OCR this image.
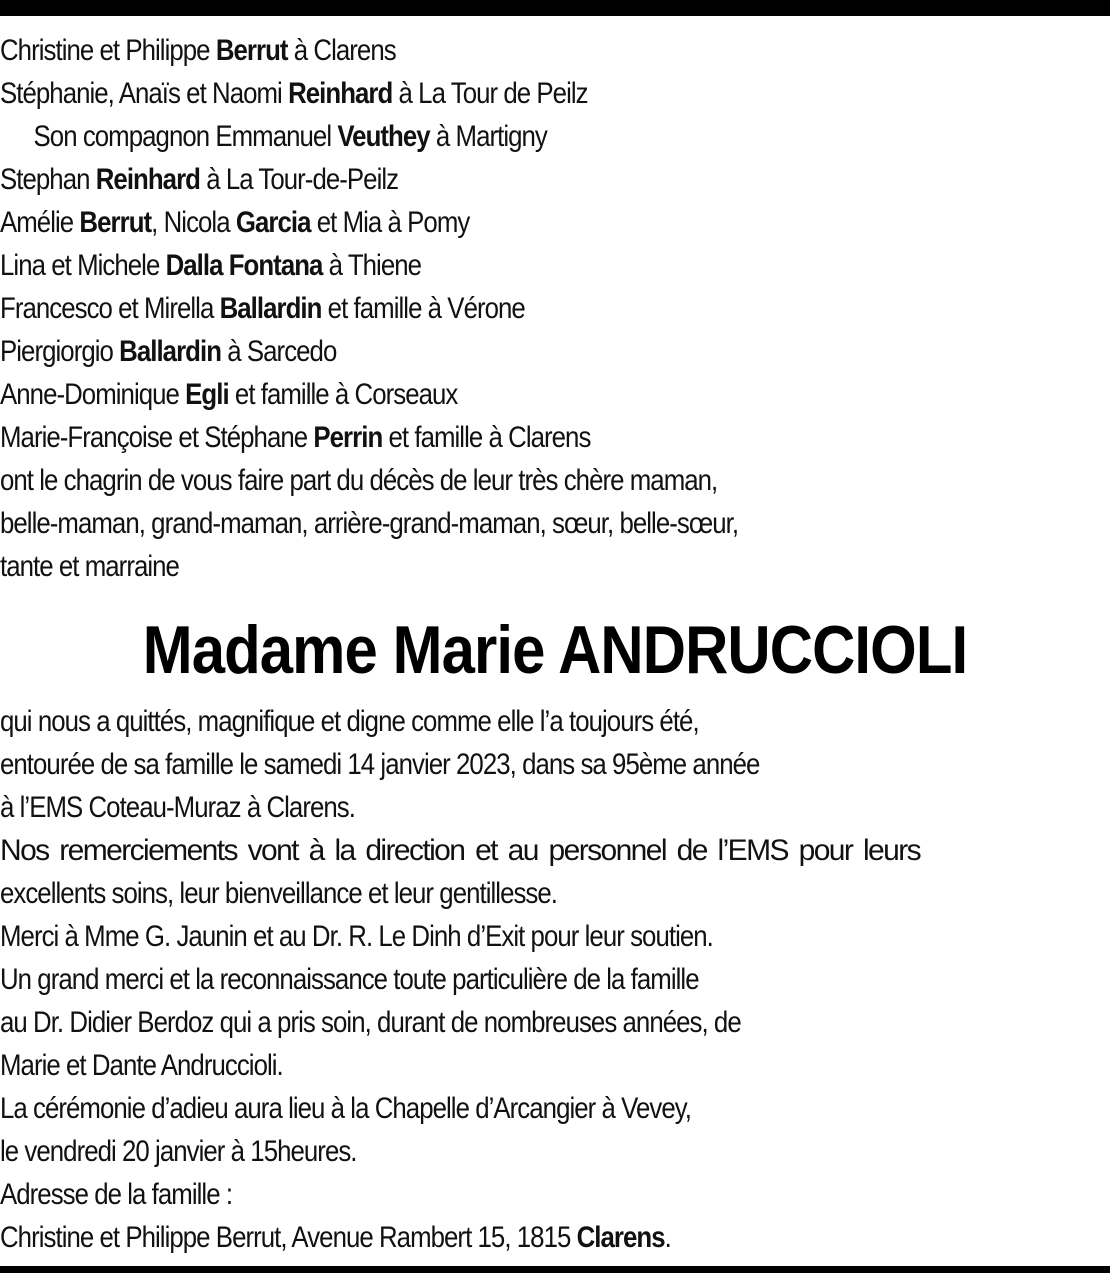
Christine et Philippe Berrut à Clarens
Stéphanie, Anaïs et Naomi Reinhard à La Tour de Peilz
Son compagnon Emmanuel Veuthey à Martigny
Stephan Reinhard à La Tour-de-Peilz
Amélie Berrut, Nicola Garcia et Mia à Pomy
Lina et Michele Dalla Fontana à Thiene
Francesco et Mirella Ballardin et famille à Vérone
Piergiorgio Ballardin à Sarcedo
Anne-Dominique Egli et famille à Corseaux
Marie-Françoise et Stéphane Perrin et famille à Clarens
ont le chagrin de vous faire part du décès de leur très chère maman,
belle-maman, grand-maman, arrière-grand-maman, sœur, belle-sœur,
tante et marraine
Madame Marie ANDRUCCIOLI
qui nous a quittés, magnifique et digne comme elle l’a toujours été,
entourée de sa famille le samedi 14 janvier 2023, dans sa 95ème année
à l’EMS Coteau-Muraz à Clarens.
Nos remerciements vont à la direction et au personnel de l’EMS pour leurs
excellents soins, leur bienveillance et leur gentillesse.
Merci à Mme G. Jaunin et au Dr. R. Le Dinh d’Exit pour leur soutien.
Un grand merci et la reconnaissance toute particulière de la famille
au Dr. Didier Berdoz qui a pris soin, durant de nombreuses années, de
Marie et Dante Andruccioli.
La cérémonie d’adieu aura lieu à la Chapelle d’Arcangier à Vevey,
le vendredi 20 janvier à 15heures.
Adresse de la famille :
Christine et Philippe Berrut, Avenue Rambert 15, 1815 Clarens.
